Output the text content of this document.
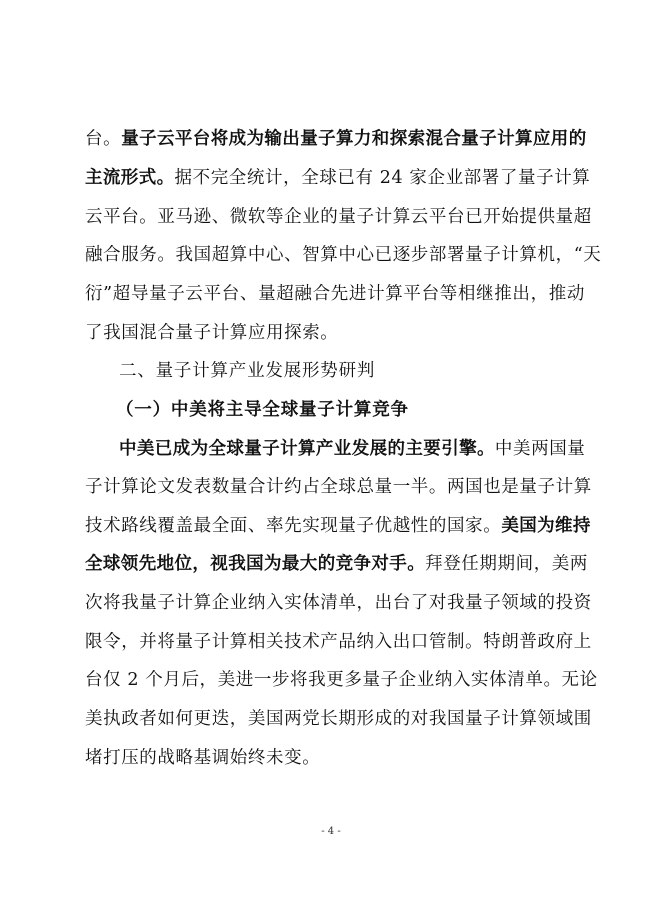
台。量子云平台将成为输出量子算力和探索混合量子计算应用的
主流形式。据不完全统计，全球已有 24 家企业部署了量子计算
云平台。亚马逊、微软等企业的量子计算云平台已开始提供量超
融合服务。我国超算中心、智算中心已逐步部署量子计算机，“天
衍”超导量子云平台、量超融合先进计算平台等相继推出，推动
了我国混合量子计算应用探索。
二、量子计算产业发展形势研判
（一）中美将主导全球量子计算竞争
中美已成为全球量子计算产业发展的主要引擎。中美两国量
子计算论文发表数量合计约占全球总量一半。两国也是量子计算
技术路线覆盖最全面、率先实现量子优越性的国家。美国为维持
全球领先地位，视我国为最大的竞争对手。拜登任期期间，美两
次将我量子计算企业纳入实体清单，出台了对我量子领域的投资
限令，并将量子计算相关技术产品纳入出口管制。特朗普政府上
台仅 2 个月后，美进一步将我更多量子企业纳入实体清单。无论
美执政者如何更迭，美国两党长期形成的对我国量子计算领域围
堵打压的战略基调始终未变。
- 4 -
